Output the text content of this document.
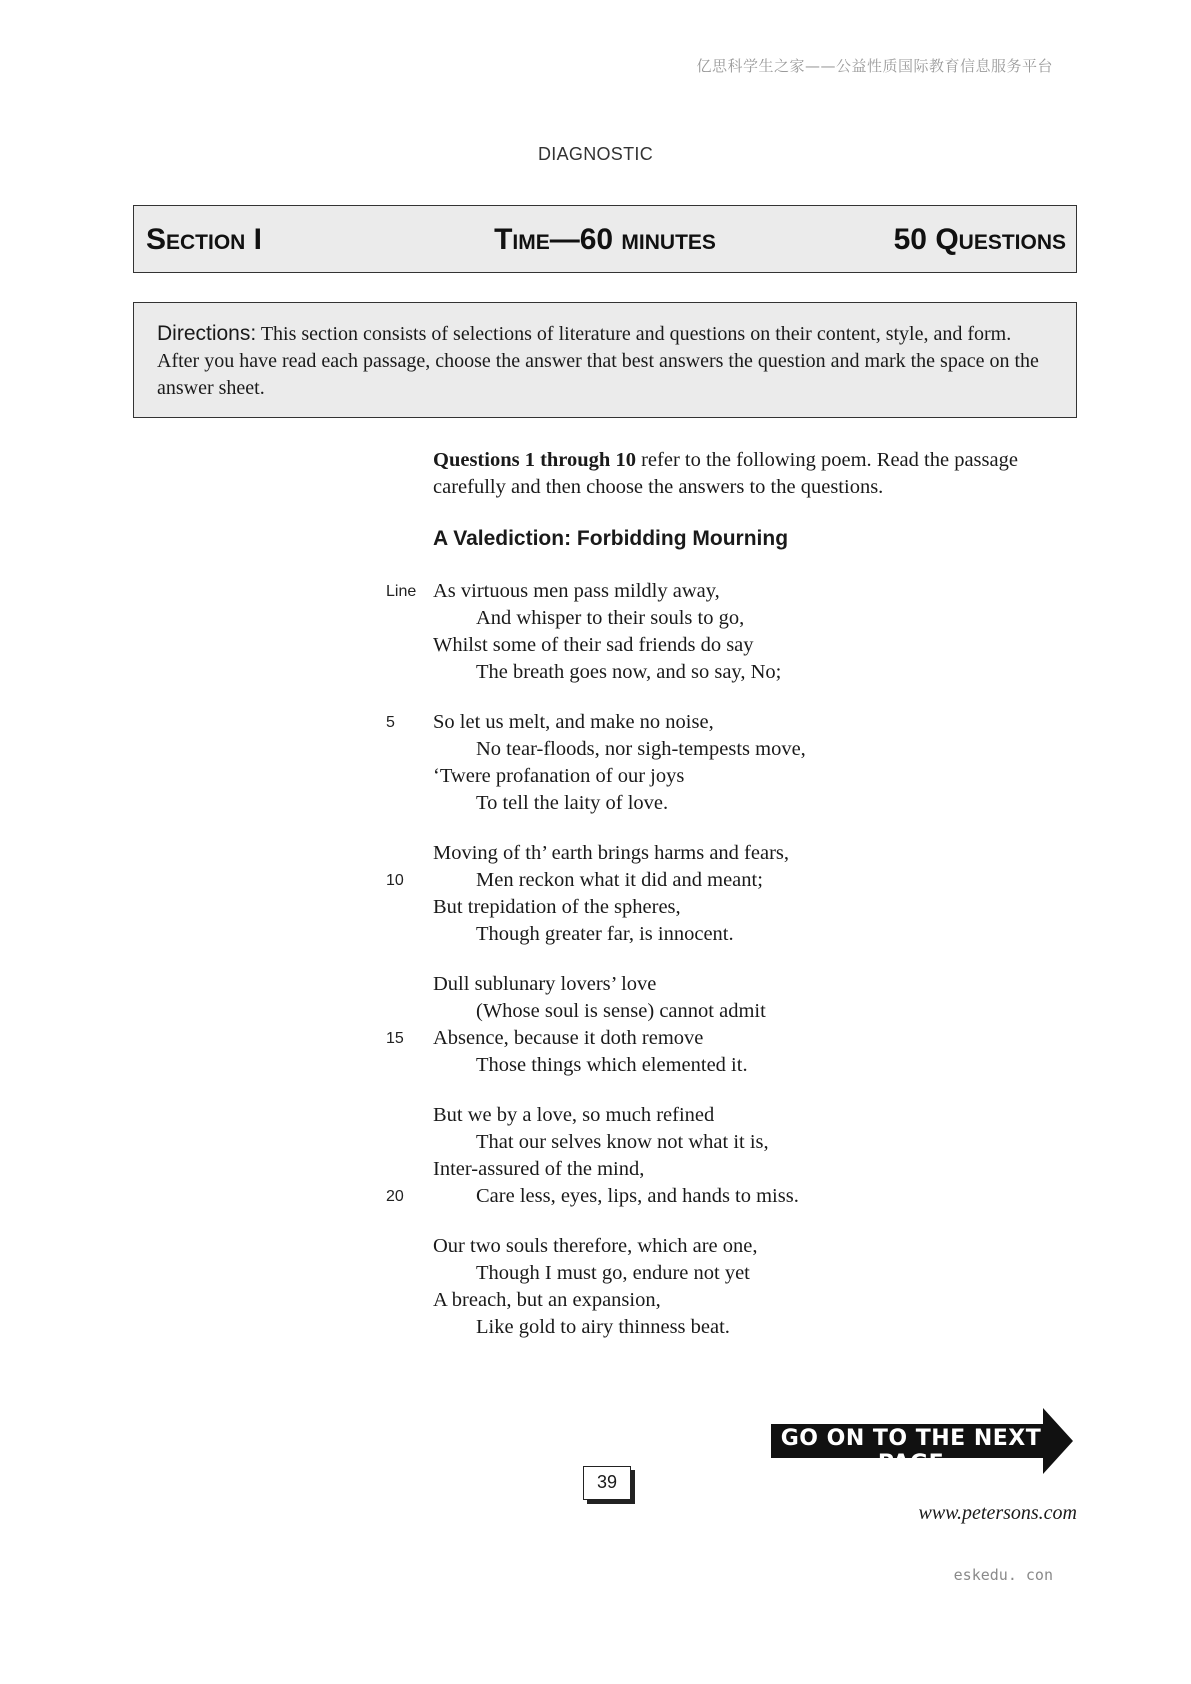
亿思科学生之家——公益性质国际教育信息服务平台
DIAGNOSTIC
Section I	Time—60 minutes	50 Questions
Directions: This section consists of selections of literature and questions on their content, style, and form. After you have read each passage, choose the answer that best answers the question and mark the space on the answer sheet.
Questions 1 through 10 refer to the following poem. Read the passage carefully and then choose the answers to the questions.
A Valediction: Forbidding Mourning
Line As virtuous men pass mildly away,
And whisper to their souls to go,
Whilst some of their sad friends do say
The breath goes now, and so say, No;
5 So let us melt, and make no noise,
No tear-floods, nor sigh-tempests move,
‘Twere profanation of our joys
To tell the laity of love.
Moving of th’ earth brings harms and fears,
10	Men reckon what it did and meant;
But trepidation of the spheres,
Though greater far, is innocent.
Dull sublunary lovers’ love
(Whose soul is sense) cannot admit
15 Absence, because it doth remove
Those things which elemented it.
But we by a love, so much refined
That our selves know not what it is,
Inter-assured of the mind,
20	Care less, eyes, lips, and hands to miss.
Our two souls therefore, which are one,
Though I must go, endure not yet
A breach, but an expansion,
Like gold to airy thinness beat.
GO ON TO THE NEXT PAGE
39
www.petersons.com
eskedu. con
